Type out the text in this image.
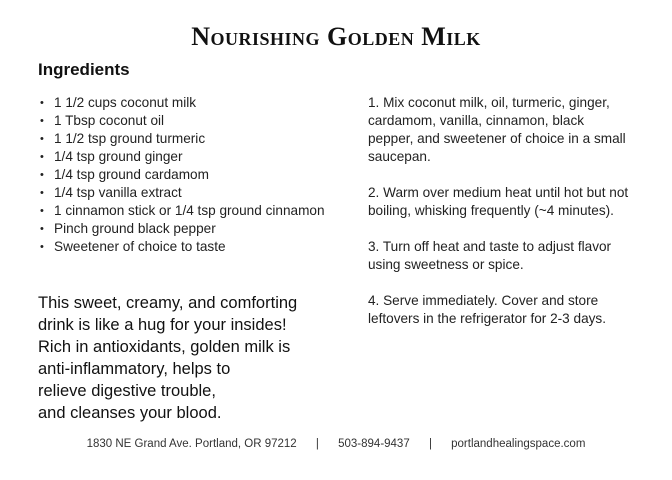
Nourishing Golden Milk
Ingredients
• 1 1/2 cups coconut milk
• 1 Tbsp coconut oil
• 1 1/2 tsp ground turmeric
• 1/4 tsp ground ginger
• 1/4 tsp ground cardamom
• 1/4 tsp vanilla extract
• 1 cinnamon stick or 1/4 tsp ground cinnamon
• Pinch ground black pepper
• Sweetener of choice to taste

This sweet, creamy, and comforting
drink is like a hug for your insides!
Rich in antioxidants, golden milk is
anti-inflammatory, helps to
relieve digestive trouble,
and cleanses your blood.

1. Mix coconut milk, oil, turmeric, ginger, cardamom, vanilla, cinnamon, black pepper, and sweetener of choice in a small saucepan.

2. Warm over medium heat until hot but not boiling, whisking frequently (~4 minutes).

3. Turn off heat and taste to adjust flavor using sweetness or spice.

4. Serve immediately. Cover and store leftovers in the refrigerator for 2-3 days.

1830 NE Grand Ave. Portland, OR 97212 | 503-894-9437 | portlandhealingspace.com
